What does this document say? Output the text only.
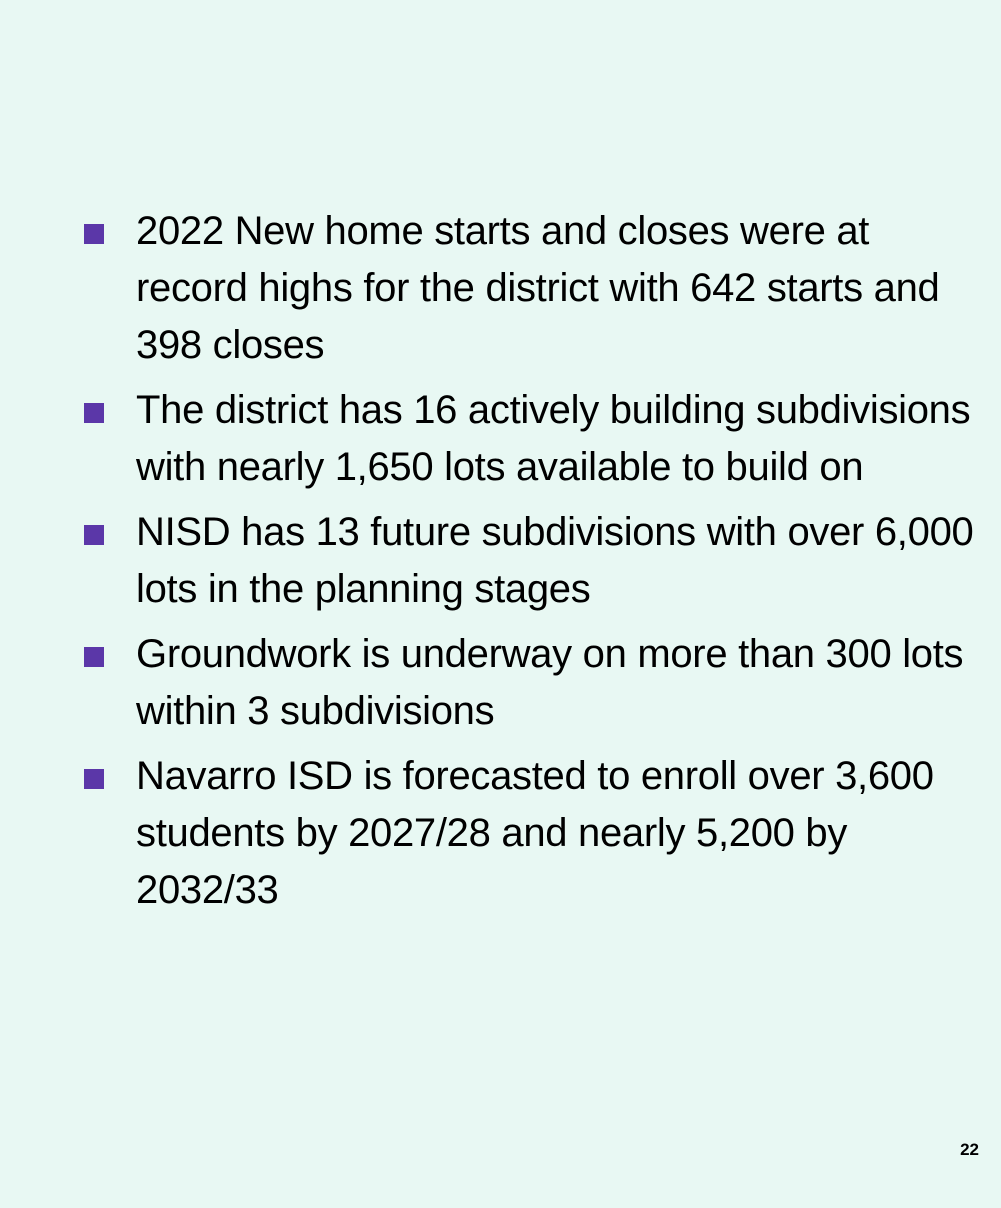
2022 New home starts and closes were at record highs for the district with 642 starts and 398 closes
The district has 16 actively building subdivisions with nearly 1,650 lots available to build on
NISD has 13 future subdivisions with over 6,000 lots in the planning stages
Groundwork is underway on more than 300 lots within 3 subdivisions
Navarro ISD is forecasted to enroll over 3,600 students by 2027/28 and nearly 5,200 by 2032/33
22
